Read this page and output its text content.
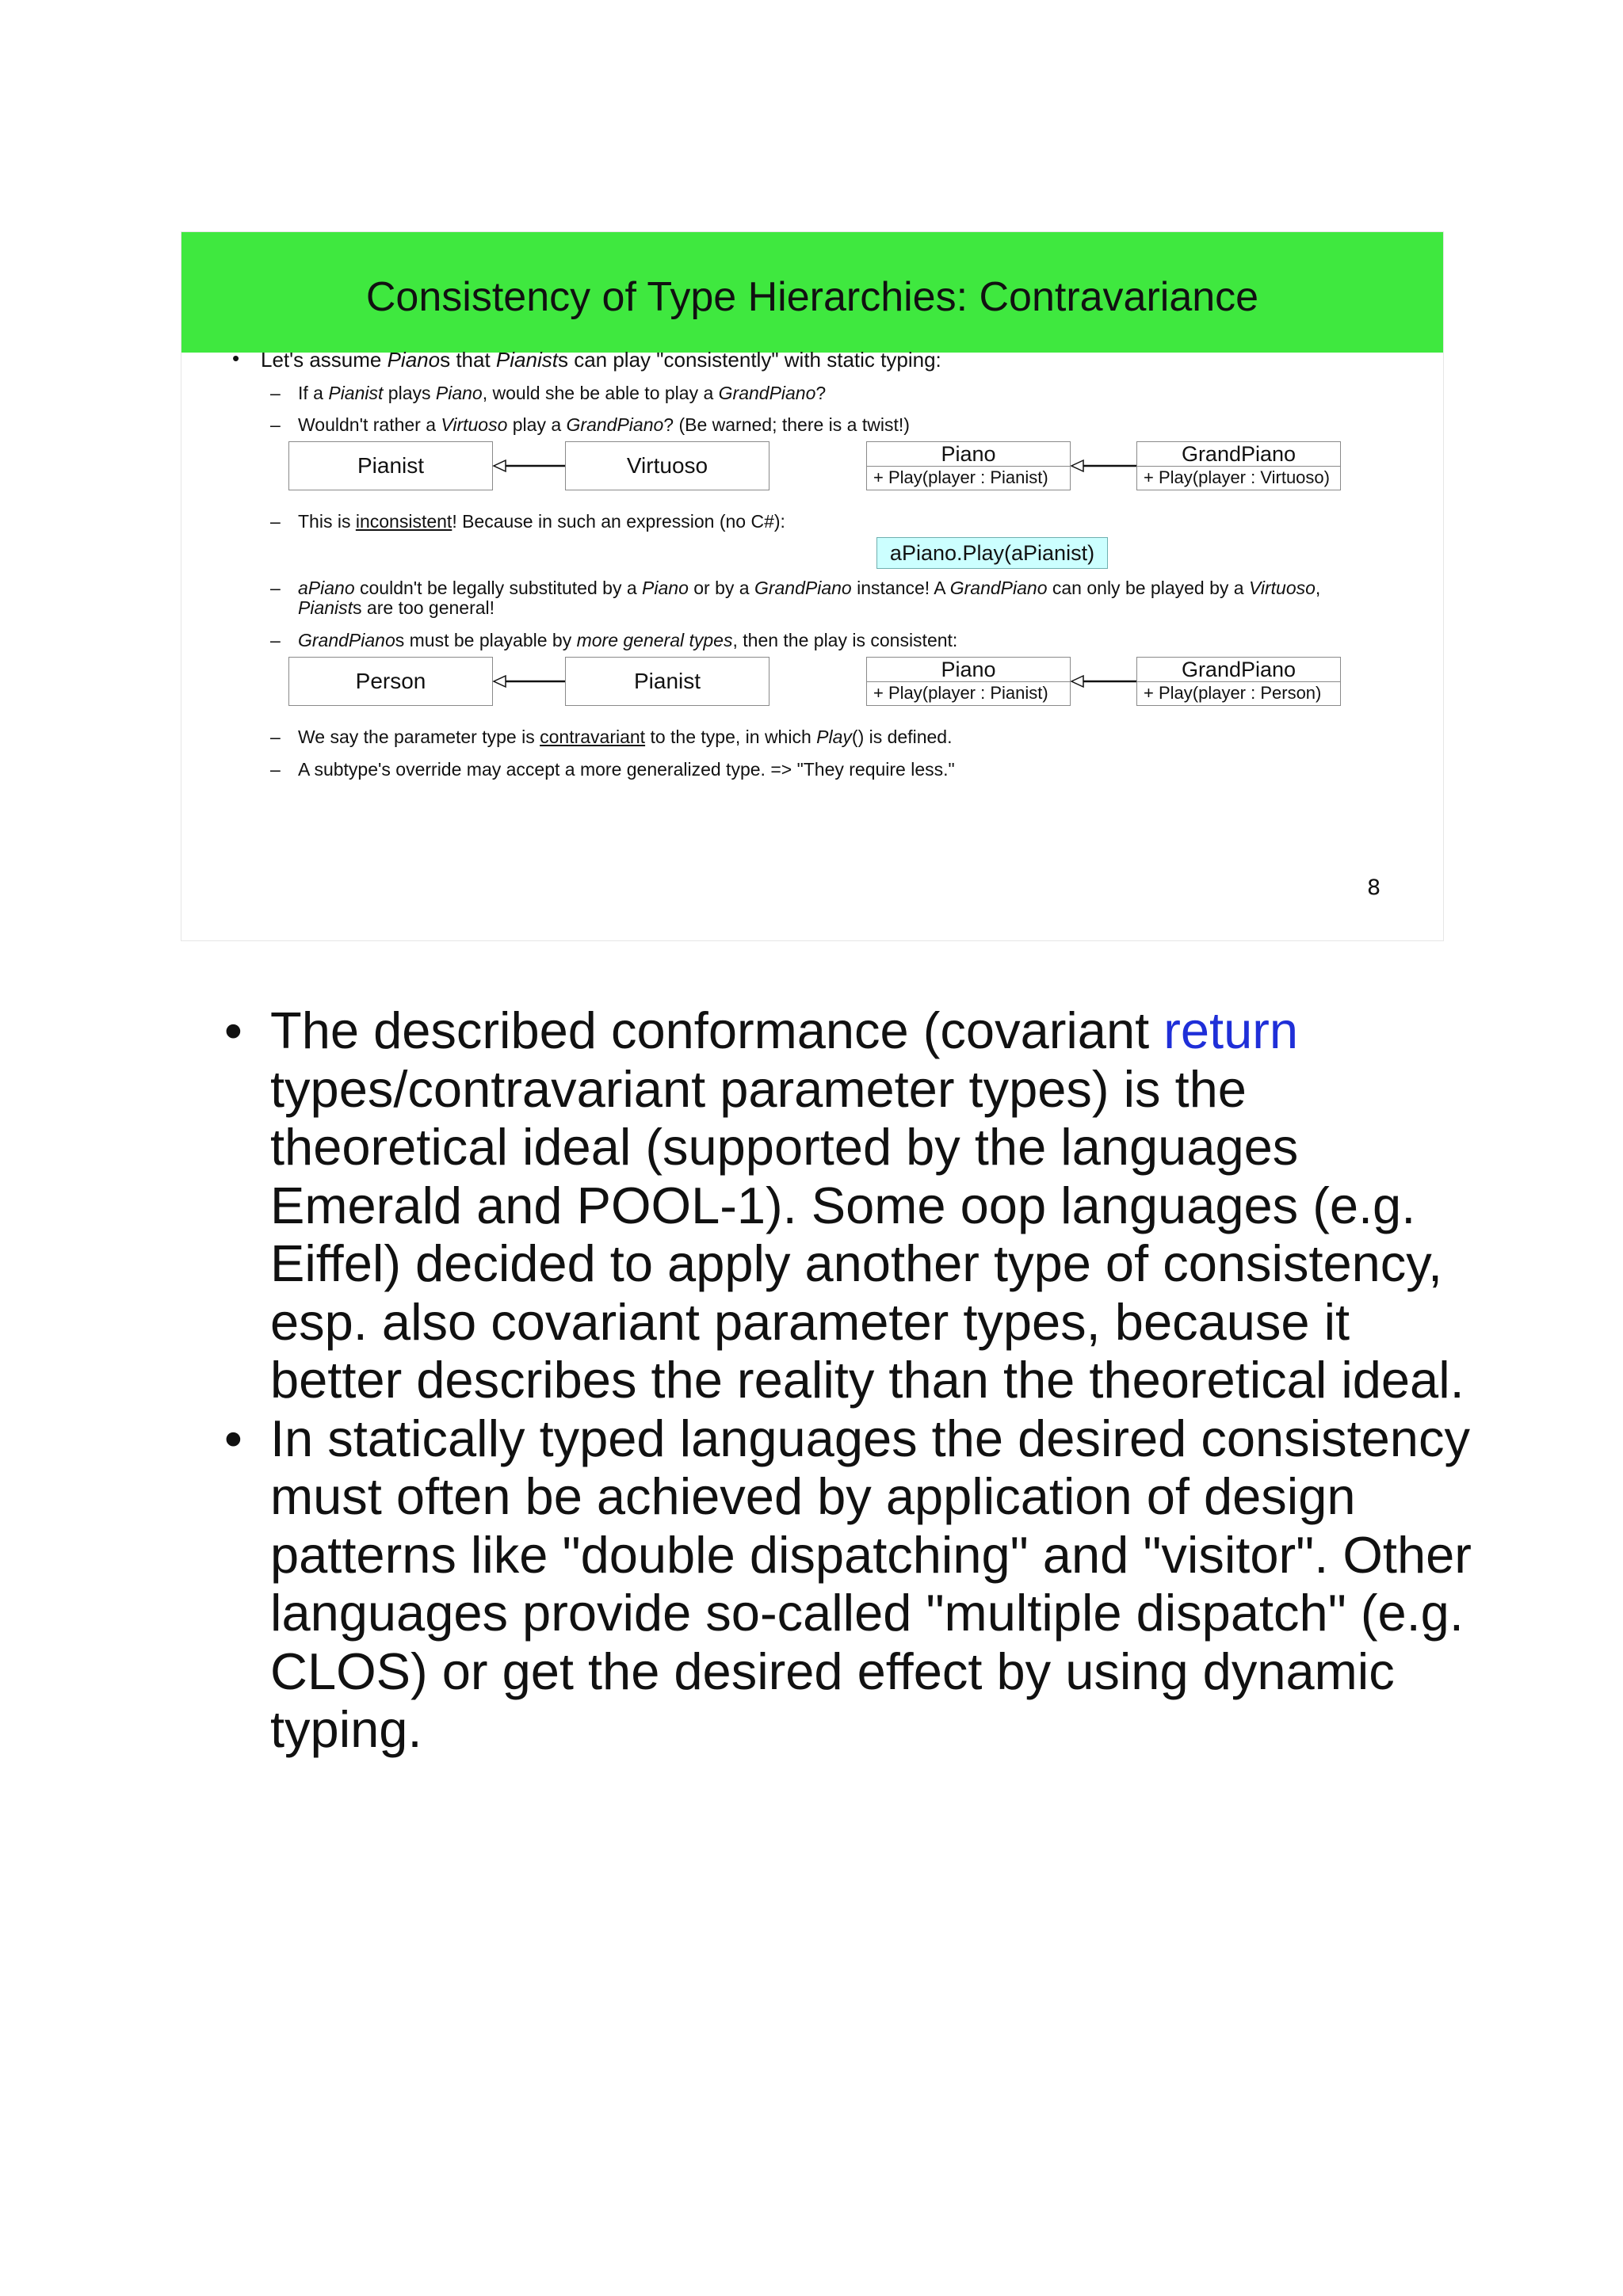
Consistency of Type Hierarchies: Contravariance
• Let's assume Pianos that Pianists can play "consistently" with static typing:
– If a Pianist plays Piano, would she be able to play a GrandPiano?
– Wouldn't rather a Virtuoso play a GrandPiano? (Be warned; there is a twist!)
Pianist	Virtuoso	Piano
+ Play(player : Pianist)
GrandPiano
+ Play(player : Virtuoso)
– This is inconsistent! Because in such an expression (no C#):
aPiano.Play(aPianist)
– aPiano couldn't be legally substituted by a Piano or by a GrandPiano instance! A GrandPiano can only be played by a Virtuoso,
Pianists are too general!
– GrandPianos must be playable by more general types, then the play is consistent:
Person	Pianist	Piano
+ Play(player : Pianist)
GrandPiano
+ Play(player : Person)
– We say the parameter type is contravariant to the type, in which Play() is defined.
– A subtype's override may accept a more generalized type. => "They require less."
8

• The described conformance (covariant return types/contravariant parameter types) is the theoretical ideal (supported by the languages Emerald and POOL-1). Some oop languages (e.g. Eiffel) decided to apply another type of consistency, esp. also covariant parameter types, because it better describes the reality than the theoretical ideal.

• In statically typed languages the desired consistency must often be achieved by application of design patterns like "double dispatching" and "visitor". Other languages provide so-called "multiple dispatch" (e.g. CLOS) or get the desired effect by using dynamic typing.
